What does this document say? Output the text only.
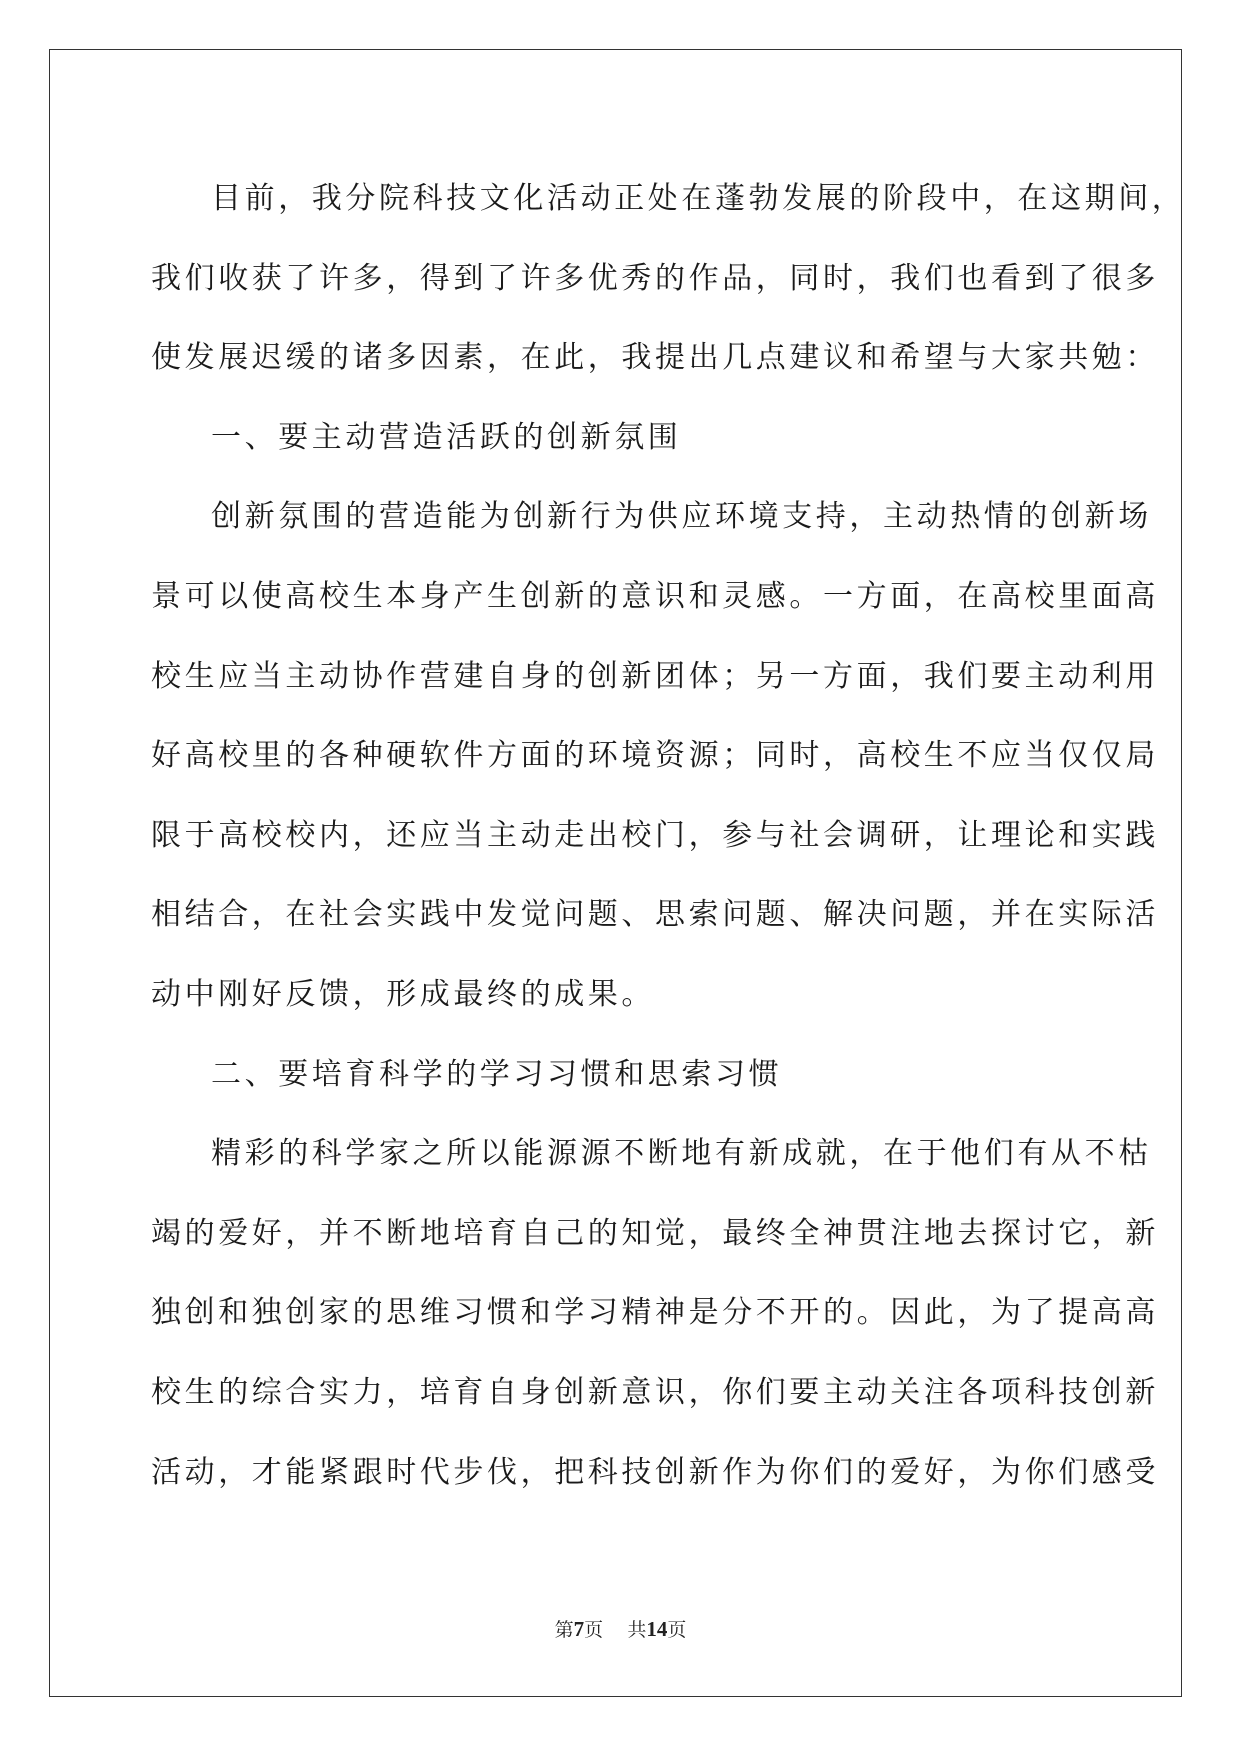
目前，我分院科技文化活动正处在蓬勃发展的阶段中，在这期间，
我们收获了许多，得到了许多优秀的作品，同时，我们也看到了很多
使发展迟缓的诸多因素，在此，我提出几点建议和希望与大家共勉：
一、要主动营造活跃的创新氛围
创新氛围的营造能为创新行为供应环境支持，主动热情的创新场
景可以使高校生本身产生创新的意识和灵感。一方面，在高校里面高
校生应当主动协作营建自身的创新团体；另一方面，我们要主动利用
好高校里的各种硬软件方面的环境资源；同时，高校生不应当仅仅局
限于高校校内，还应当主动走出校门，参与社会调研，让理论和实践
相结合，在社会实践中发觉问题、思索问题、解决问题，并在实际活
动中刚好反馈，形成最终的成果。
二、要培育科学的学习习惯和思索习惯
精彩的科学家之所以能源源不断地有新成就，在于他们有从不枯
竭的爱好，并不断地培育自己的知觉，最终全神贯注地去探讨它，新
独创和独创家的思维习惯和学习精神是分不开的。因此，为了提高高
校生的综合实力，培育自身创新意识，你们要主动关注各项科技创新
活动，才能紧跟时代步伐，把科技创新作为你们的爱好，为你们感受
第7页 共14页
